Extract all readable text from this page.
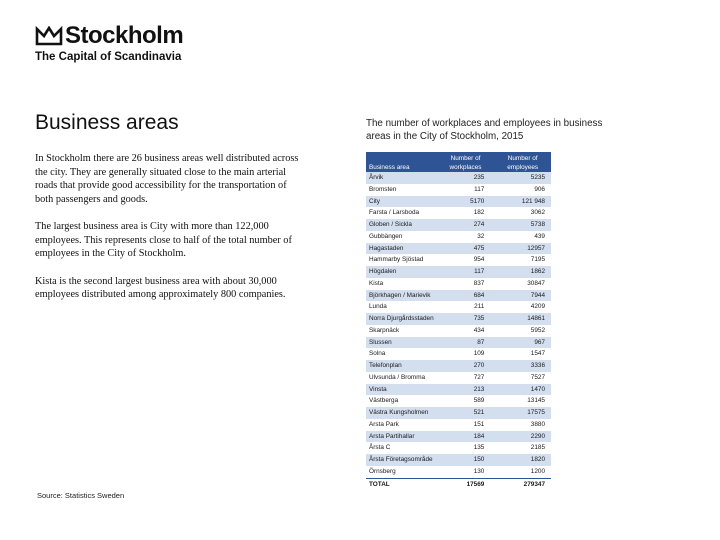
Stockholm
The Capital of Scandinavia
Business areas

In Stockholm there are 26 business areas well distributed across the city. They are generally situated close to the main arterial roads that provide good accessibility for the transportation of both passengers and goods.

The largest business area is City with more than 122,000 employees. This represents close to half of the total number of employees in the City of Stockholm.

Kista is the second largest business area with about 30,000 employees distributed among approximately 800 companies.

Source: Statistics Sweden
The number of workplaces and employees in business areas in the City of Stockholm, 2015
Business area	Number of workplaces	Number of employees
Årvik	235	5235
Bromsten	117	906
City	5170	121 948
Farsta / Larsboda	182	3062
Globen / Sickla	274	5738
Gubbängen	32	439
Hagastaden	475	12957
Hammarby Sjöstad	954	7195
Högdalen	117	1862
Kista	837	30847
Björkhagen / Marievik	684	7944
Lunda	211	4209
Norra Djurgårdsstaden	735	14861
Skarpnäck	434	5952
Slussen	87	967
Solna	109	1547
Telefonplan	270	3336
Ulvsunda / Bromma	727	7527
Vinsta	213	1470
Västberga	589	13145
Västra Kungsholmen	521	17575
Arsta Park	151	3880
Arsta Partihallar	184	2290
Årsta C	135	2185
Årsta Företagsområde	150	1820
Örnsberg	130	1200
TOTAL	17569	279347
